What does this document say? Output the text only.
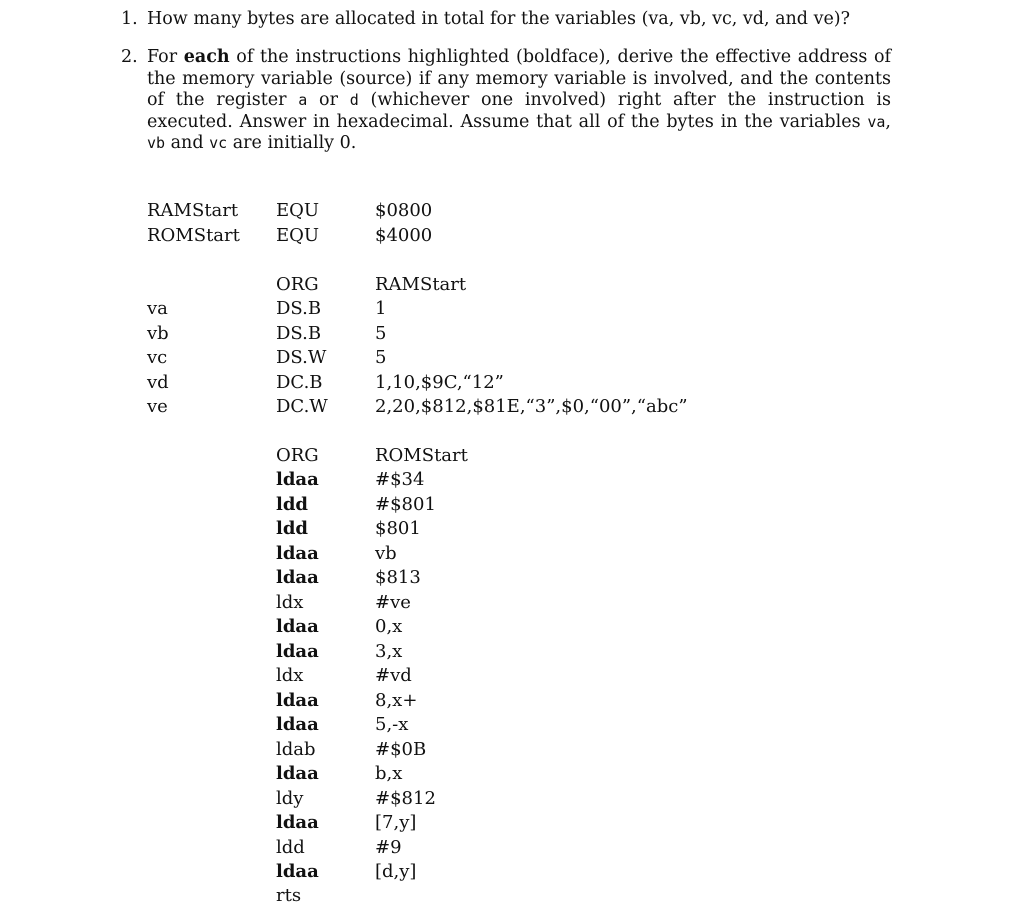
1. How many bytes are allocated in total for the variables (va, vb, vc, vd, and ve)?
2. For each of the instructions highlighted (boldface), derive the effective address of the memory variable (source) if any memory variable is involved, and the contents of the register a or d (whichever one involved) right after the instruction is executed. Answer in hexadecimal. Assume that all of the bytes in the variables va, vb and vc are initially 0.
RAMStart EQU	$0800
ROMStart EQU	$4000
ORG	RAMStart
va	DS.B	1
vb	DS.B	5
vc	DS.W	5
vd	DC.B	1,10,$9C,“12”
ve	DC.W	2,20,$812,$81E,“3”,$0,“00”,“abc”
ORG	ROMStart
ldaa	#$34
ldd	#$801
ldd	$801
ldaa	vb
ldaa	$813
ldx	#ve
ldaa	0,x
ldaa	3,x
ldx	#vd
ldaa	8,x+
ldaa	5,-x
ldab	#$0B
ldaa	b,x
ldy	#$812
ldaa	[7,y]
ldd	#9
ldaa	[d,y]
rts
